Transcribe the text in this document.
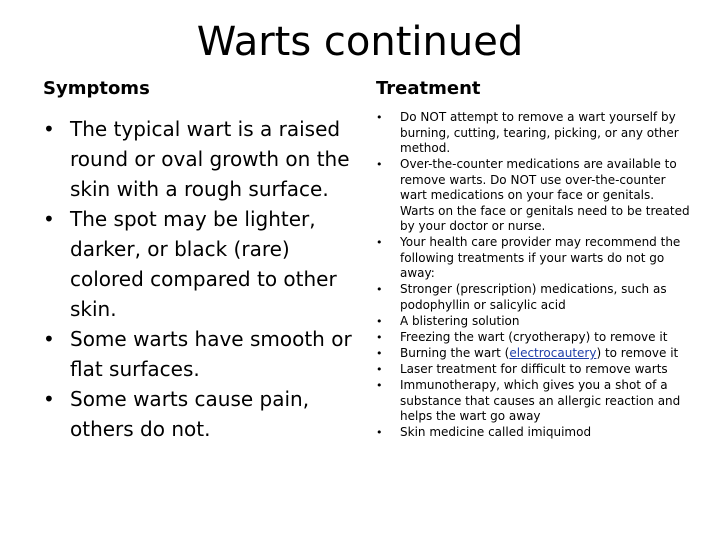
Warts continued
Symptoms
• The typical wart is a raised round or oval growth on the skin with a rough surface.
• The spot may be lighter, darker, or black (rare) colored compared to other skin.
• Some warts have smooth or flat surfaces.
• Some warts cause pain, others do not.
Treatment
• Do NOT attempt to remove a wart yourself by burning, cutting, tearing, picking, or any other method.
• Over-the-counter medications are available to remove warts. Do NOT use over-the-counter wart medications on your face or genitals. Warts on the face or genitals need to be treated by your doctor or nurse.
• Your health care provider may recommend the following treatments if your warts do not go away:
• Stronger (prescription) medications, such as podophyllin or salicylic acid
• A blistering solution
• Freezing the wart (cryotherapy) to remove it
• Burning the wart (electrocautery) to remove it
• Laser treatment for difficult to remove warts
• Immunotherapy, which gives you a shot of a substance that causes an allergic reaction and helps the wart go away
• Skin medicine called imiquimod
